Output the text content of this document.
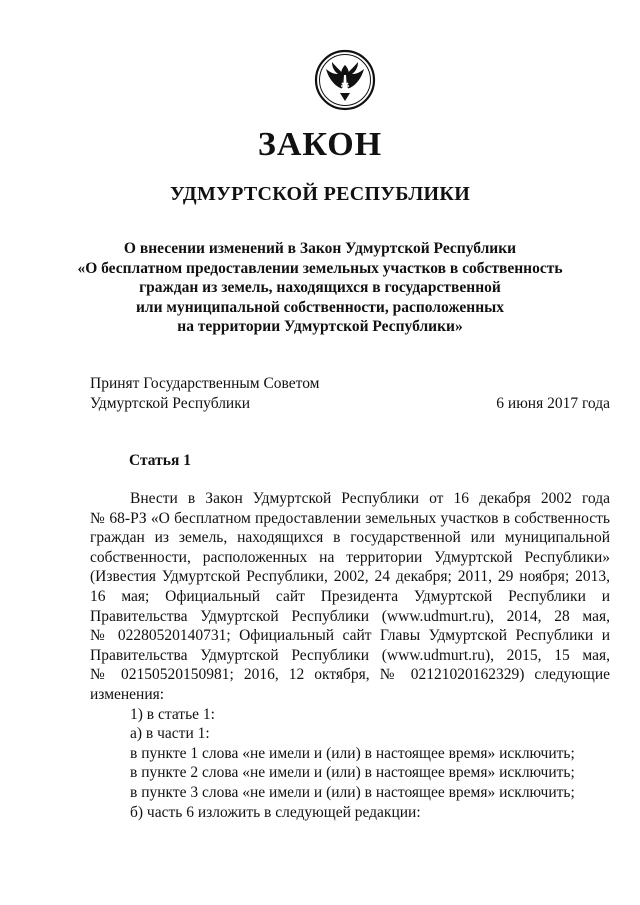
ЗАКОН
УДМУРТСКОЙ РЕСПУБЛИКИ
О внесении изменений в Закон Удмуртской Республики
«О бесплатном предоставлении земельных участков в собственность
граждан из земель, находящихся в государственной
или муниципальной собственности, расположенных
на территории Удмуртской Республики»
Принят Государственным Советом
Удмуртской Республики	6 июня 2017 года
Статья 1
Внести в Закон Удмуртской Республики от 16 декабря 2002 года
№ 68-РЗ «О бесплатном предоставлении земельных участков в собственность
граждан из земель, находящихся в государственной или муниципальной
собственности, расположенных на территории Удмуртской Республики»
(Известия Удмуртской Республики, 2002, 24 декабря; 2011, 29 ноября; 2013,
16 мая; Официальный сайт Президента Удмуртской Республики и
Правительства Удмуртской Республики (www.udmurt.ru), 2014, 28 мая,
№ 02280520140731; Официальный сайт Главы Удмуртской Республики и
Правительства Удмуртской Республики (www.udmurt.ru), 2015, 15 мая,
№ 02150520150981; 2016, 12 октября, № 02121020162329) следующие
изменения:
1) в статье 1:
а) в части 1:
в пункте 1 слова «не имели и (или) в настоящее время» исключить;
в пункте 2 слова «не имели и (или) в настоящее время» исключить;
в пункте 3 слова «не имели и (или) в настоящее время» исключить;
б) часть 6 изложить в следующей редакции:
